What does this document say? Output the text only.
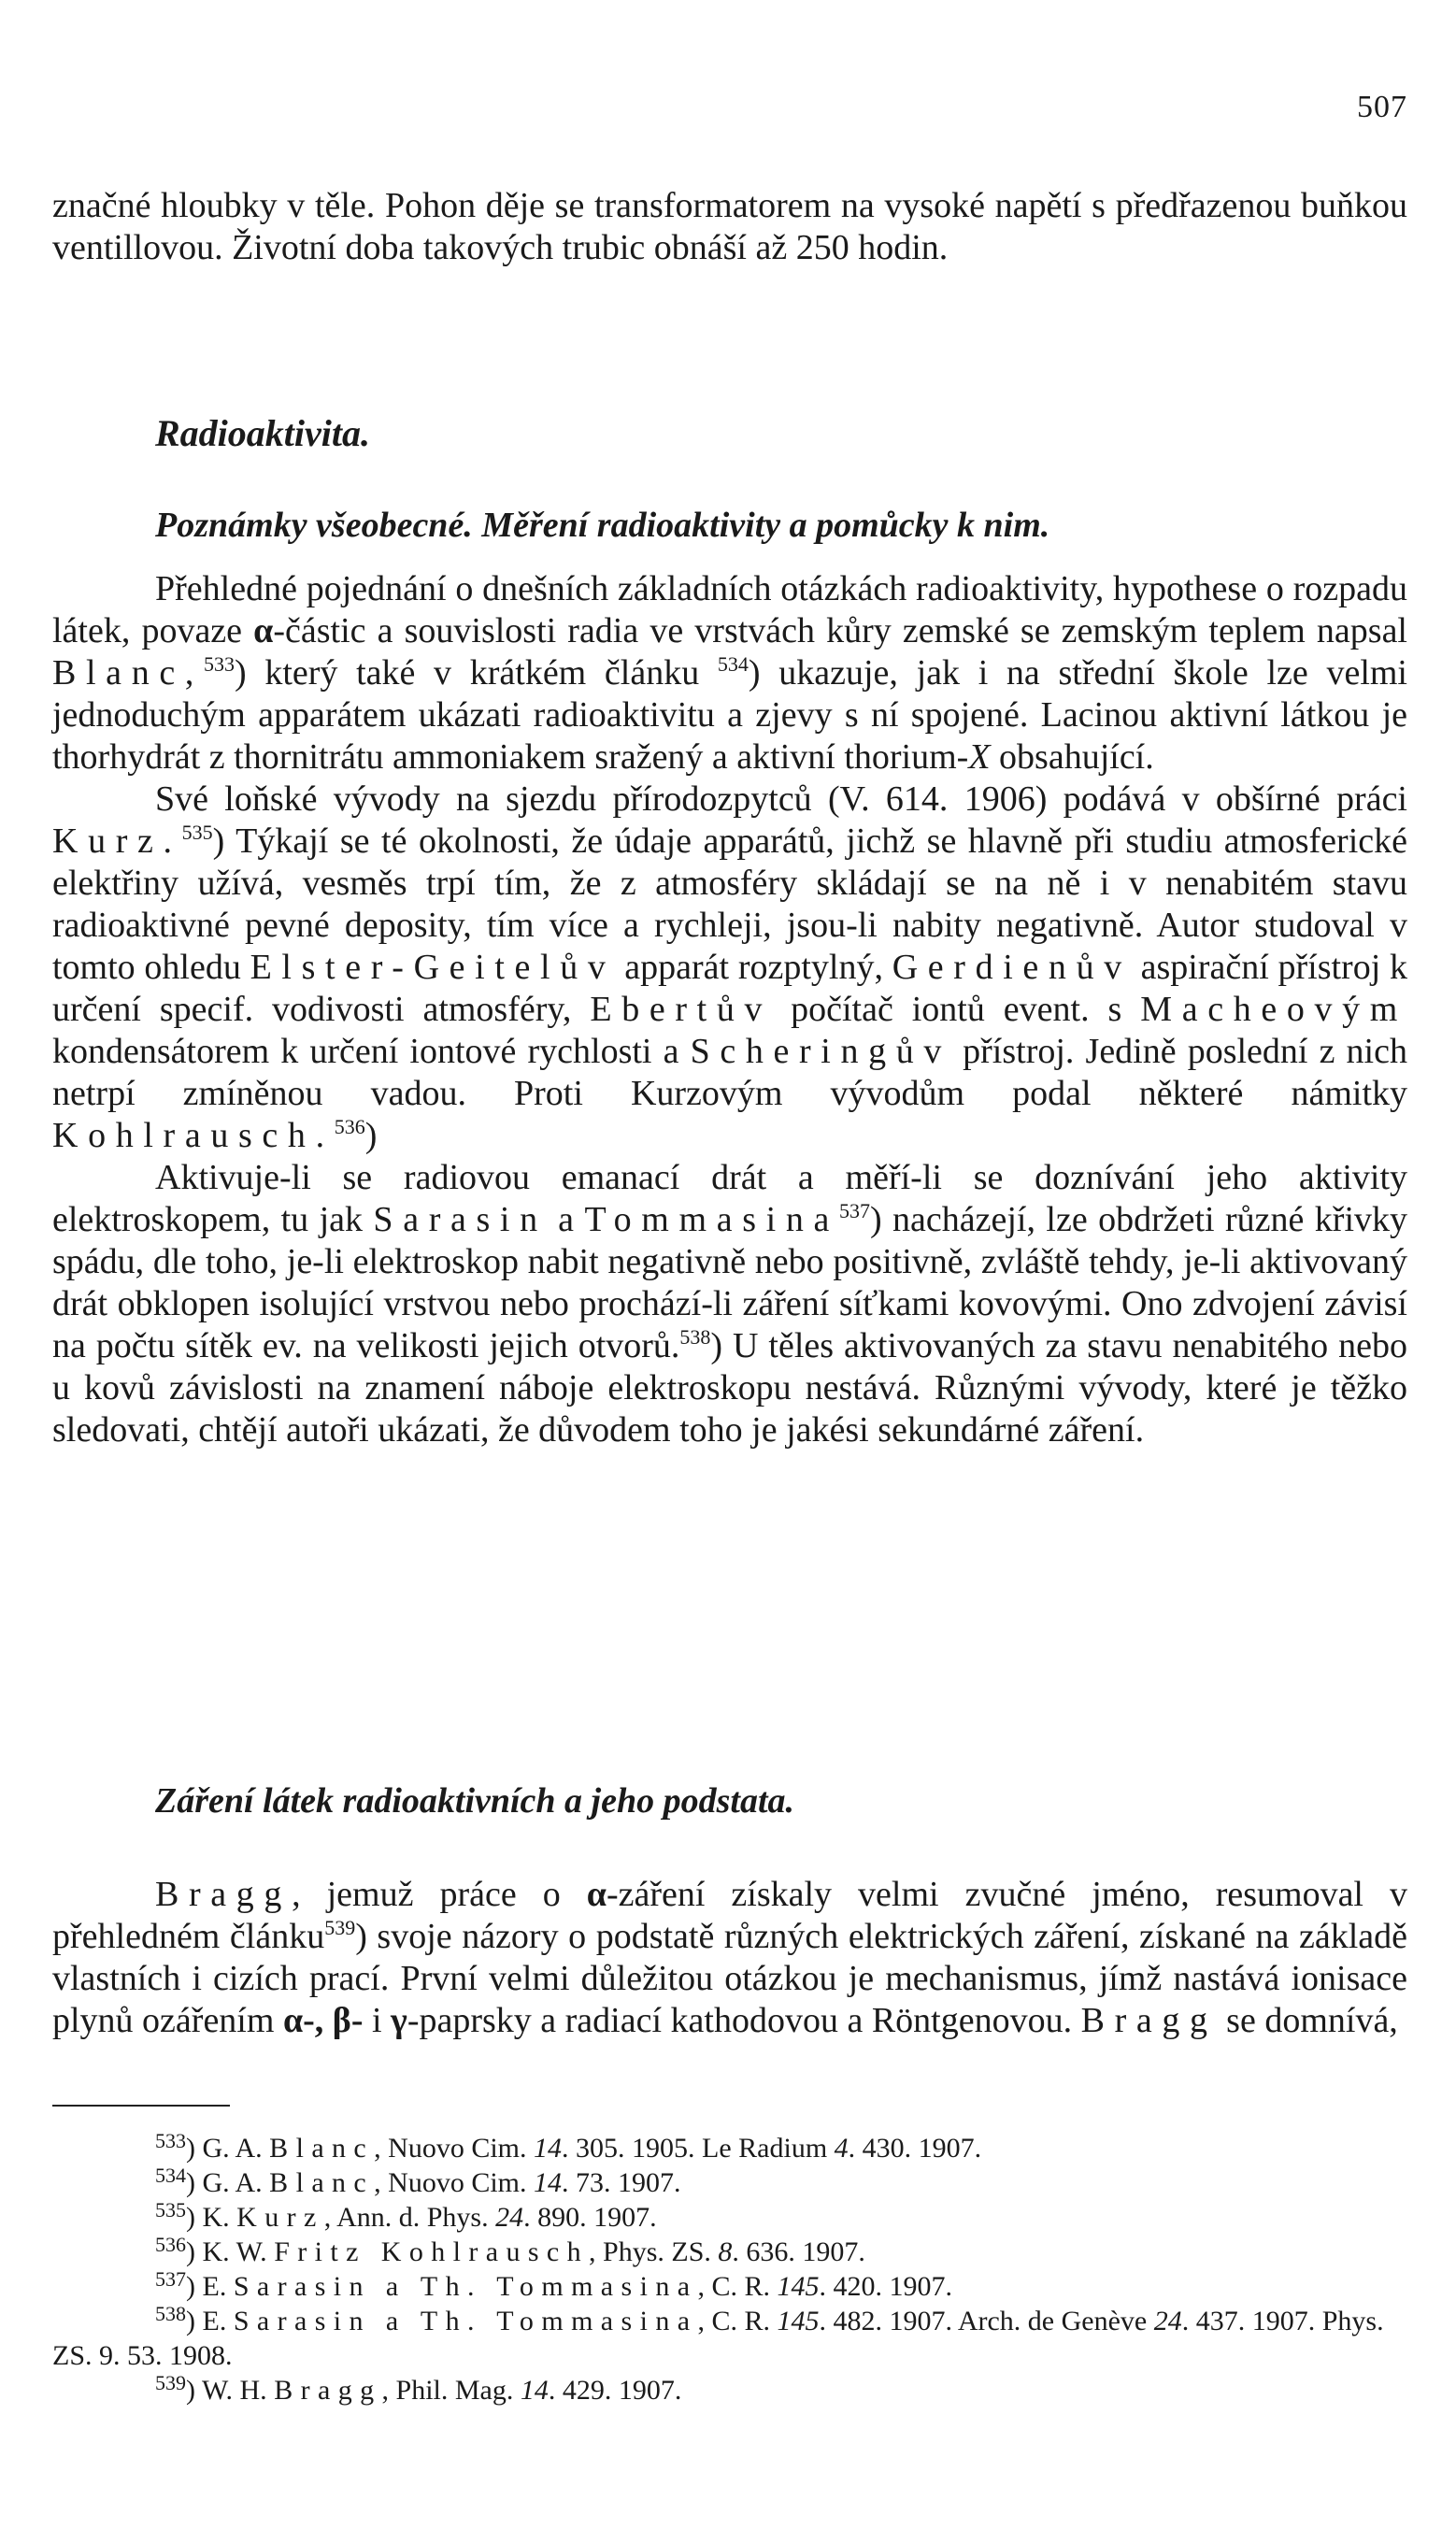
507

značné hloubky v těle. Pohon děje se transformatorem na vysoké napětí s předřazenou buňkou ventillovou. Životní doba takových trubic obnáší až 250 hodin.

Radioaktivita.
Poznámky všeobecné. Měření radioaktivity a pomůcky k nim.

Přehledné pojednání o dnešních základních otázkách radioaktivity, hypothese o rozpadu látek, povaze α-částic a souvislosti radia ve vrstvách kůry zemské se zemským teplem napsal Blanc,$^{533}$) který také v krátkém článku $^{534}$) ukazuje, jak i na střední škole lze velmi jednoduchým apparátem ukázati radioaktivitu a zjevy s ní spojené. Lacinou aktivní látkou je thorhydrát z thornitrátu ammoniakem sražený a aktivní thorium-X obsahující.

Své loňské vývody na sjezdu přírodozpytců (V. 614. 1906) podává v obšírné práci Kurz.$^{535}$) Týkají se té okolnosti, že údaje apparátů, jichž se hlavně při studiu atmosferické elektřiny užívá, vesměs trpí tím, že z atmosféry skládají se na ně i v nenabitém stavu radioaktivné pevné deposity, tím více a rychleji, jsou-li nabity negativně. Autor studoval v tomto ohledu Elster-Geitelův apparát rozptylný, Gerdienův aspirační přístroj k určení specif. vodivosti atmosféry, Ebertův počítač iontů event. s Macheovým kondensátorem k určení iontové rychlosti a Scheringův přístroj. Jedině poslední z nich netrpí zmíněnou vadou. Proti Kurzovým vývodům podal některé námitky Kohlrausch.$^{536}$)

Aktivuje-li se radiovou emanací drát a měří-li se doznívání jeho aktivity elektroskopem, tu jak Sarasin a Tommasina$^{537}$) nacházejí, lze obdržeti různé křivky spádu, dle toho, je-li elektroskop nabit negativně nebo positivně, zvláště tehdy, je-li aktivovaný drát obklopen isolující vrstvou nebo prochází-li záření síťkami kovovými. Ono zdvojení závisí na počtu sítěk ev. na velikosti jejich otvorů.$^{538}$) U těles aktivovaných za stavu nenabitého nebo u kovů závislosti na znamení náboje elektroskopu nestává. Různými vývody, které je těžko sledovati, chtějí autoři ukázati, že důvodem toho je jakési sekundárné záření.

Záření látek radioaktivních a jeho podstata.

Bragg, jemuž práce o α-záření získaly velmi zvučné jméno, resumoval v přehledném článku$^{539}$) svoje názory o podstatě různých elektrických záření, získané na základě vlastních i cizích prací. První velmi důležitou otázkou je mechanismus, jímž nastává ionisace plynů ozářením α-, β- i γ-paprsky a radiací kathodovou a Röntgenovou. Bragg se domnívá,

$^{533}$) G. A. Blanc, Nuovo Cim. 14. 305. 1905. Le Radium 4. 430. 1907.

$^{534}$) G. A. Blanc, Nuovo Cim. 14. 73. 1907.

$^{535}$) K. Kurz, Ann. d. Phys. 24. 890. 1907.

$^{536}$) K. W. Fritz Kohlrausch, Phys. ZS. 8. 636. 1907.

$^{537}$) E. Sarasin a Th. Tommasina, C. R. 145. 420. 1907.

$^{538}$) E. Sarasin a Th. Tommasina, C. R. 145. 482. 1907. Arch. de Genève 24. 437. 1907. Phys. ZS. 9. 53. 1908.

$^{539}$) W. H. Bragg, Phil. Mag. 14. 429. 1907.
